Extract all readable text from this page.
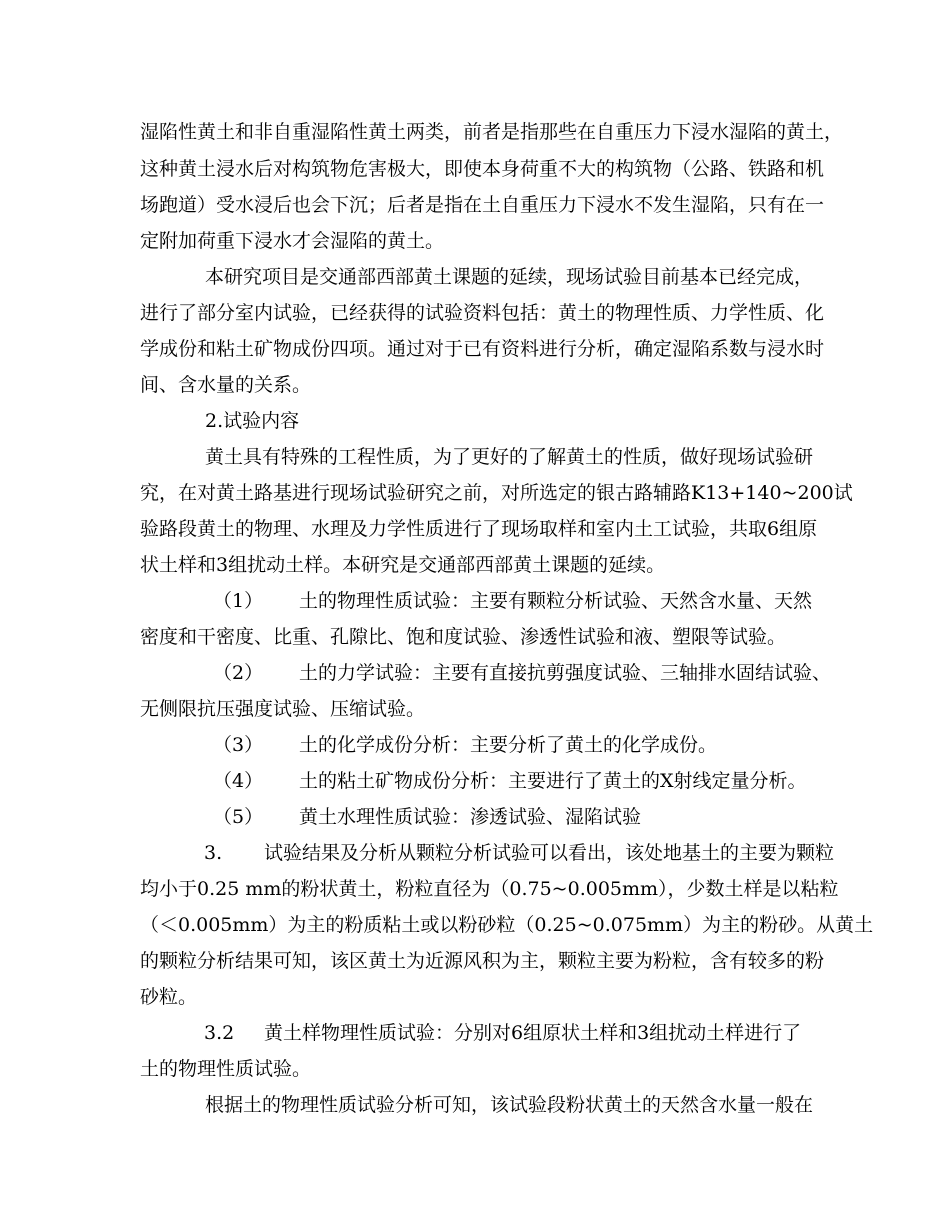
湿陷性黄土和非自重湿陷性黄土两类，前者是指那些在自重压力下浸水湿陷的黄土，
这种黄土浸水后对构筑物危害极大，即使本身荷重不大的构筑物（公路、铁路和机
场跑道）受水浸后也会下沉；后者是指在土自重压力下浸水不发生湿陷，只有在一
定附加荷重下浸水才会湿陷的黄土。
本研究项目是交通部西部黄土课题的延续，现场试验目前基本已经完成，
进行了部分室内试验，已经获得的试验资料包括：黄土的物理性质、力学性质、化
学成份和粘土矿物成份四项。通过对于已有资料进行分析，确定湿陷系数与浸水时
间、含水量的关系。
2.试验内容
黄土具有特殊的工程性质，为了更好的了解黄土的性质，做好现场试验研
究，在对黄土路基进行现场试验研究之前，对所选定的银古路辅路K13+140~200试
验路段黄土的物理、水理及力学性质进行了现场取样和室内土工试验，共取6组原
状土样和3组扰动土样。本研究是交通部西部黄土课题的延续。
（1） 土的物理性质试验：主要有颗粒分析试验、天然含水量、天然
密度和干密度、比重、孔隙比、饱和度试验、渗透性试验和液、塑限等试验。
（2） 土的力学试验：主要有直接抗剪强度试验、三轴排水固结试验、
无侧限抗压强度试验、压缩试验。
（3） 土的化学成份分析：主要分析了黄土的化学成份。
（4） 土的粘土矿物成份分析：主要进行了黄土的X射线定量分析。
（5） 黄土水理性质试验：渗透试验、湿陷试验
3. 试验结果及分析从颗粒分析试验可以看出，该处地基土的主要为颗粒
均小于0.25 mm的粉状黄土，粉粒直径为（0.75~0.005mm），少数土样是以粘粒
（＜0.005mm）为主的粉质粘土或以粉砂粒（0.25~0.075mm）为主的粉砂。从黄土
的颗粒分析结果可知，该区黄土为近源风积为主，颗粒主要为粉粒，含有较多的粉
砂粒。
3.2 黄土样物理性质试验：分别对6组原状土样和3组扰动土样进行了
土的物理性质试验。
根据土的物理性质试验分析可知，该试验段粉状黄土的天然含水量一般在
